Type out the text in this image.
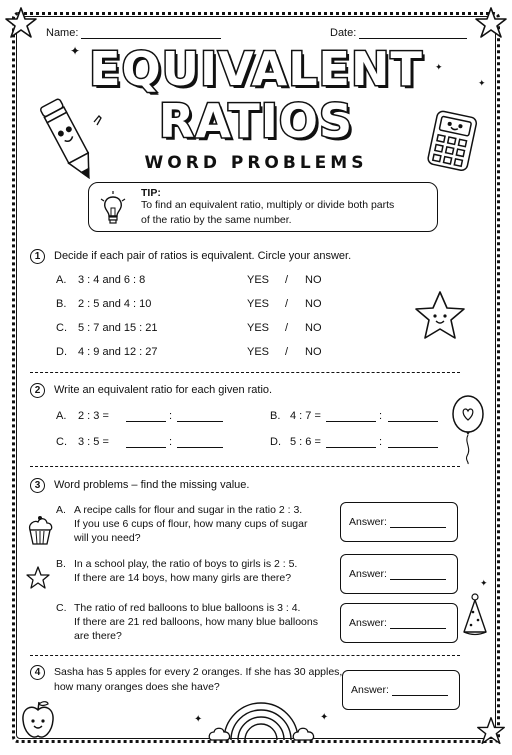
Name:	Date:
✦
✦
✦
EQUIVALENT
RATIOS
WORD PROBLEMS
TIP:
To find an equivalent ratio, multiply or divide both parts
of the ratio by the same number.
1	Decide if each pair of ratios is equivalent. Circle your answer.
A. 3 : 4 and 6 : 8	YES / NO
B. 2 : 5 and 4 : 10	YES / NO
C. 5 : 7 and 15 : 21	YES / NO
D. 4 : 9 and 12 : 27	YES / NO
2	Write an equivalent ratio for each given ratio.
A. 2 : 3 =	:	B. 4 : 7 =	:
C. 3 : 5 =	:	D. 5 : 6 =	:
3	Word problems – find the missing value.
A. A recipe calls for flour and sugar in the ratio 2 : 3.
If you use 6 cups of flour, how many cups of sugar
will you need?
Answer:
B. In a school play, the ratio of boys to girls is 2 : 5.
If there are 14 boys, how many girls are there?	Answer:
C. The ratio of red balloons to blue balloons is 3 : 4.
If there are 21 red balloons, how many blue balloons
are there?
Answer:
✦
4	Sasha has 5 apples for every 2 oranges. If she has 30 apples,
how many oranges does she have?	Answer:
✦	✦
